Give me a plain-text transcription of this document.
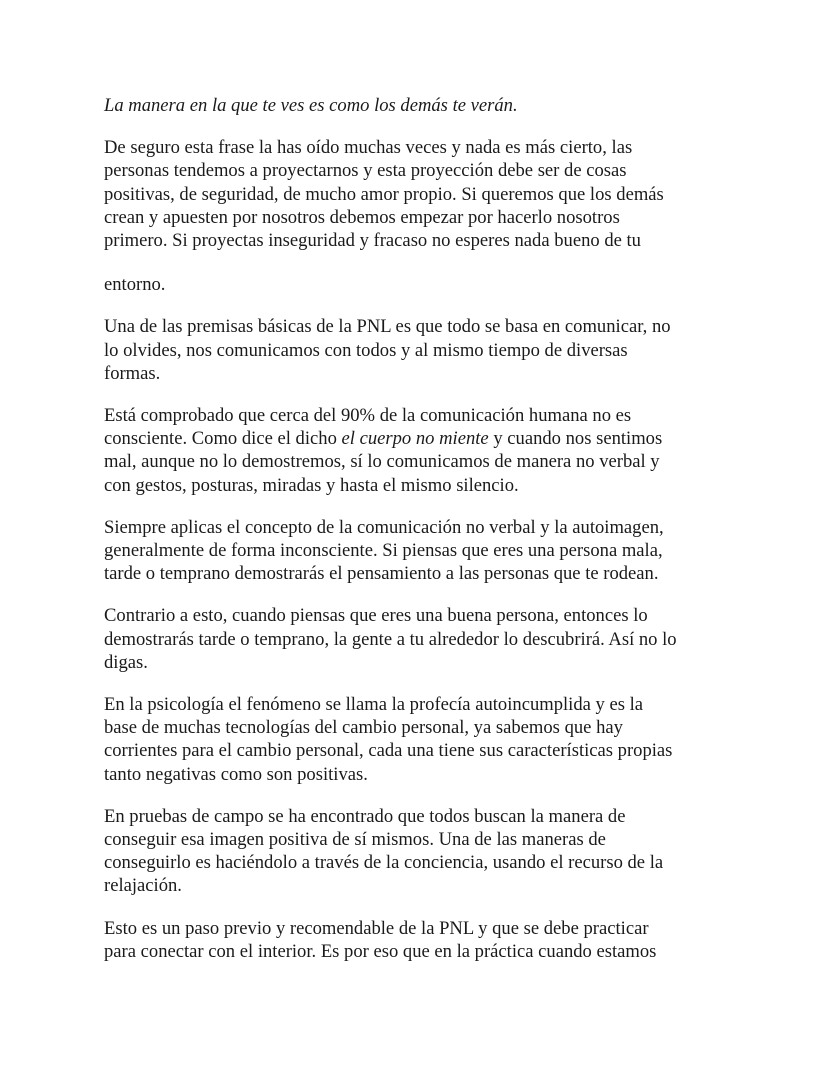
La manera en la que te ves es como los demás te verán.

De seguro esta frase la has oído muchas veces y nada es más cierto, las
personas tendemos a proyectarnos y esta proyección debe ser de cosas
positivas, de seguridad, de mucho amor propio. Si queremos que los demás
crean y apuesten por nosotros debemos empezar por hacerlo nosotros
primero. Si proyectas inseguridad y fracaso no esperes nada bueno de tu

entorno.

Una de las premisas básicas de la PNL es que todo se basa en comunicar, no
lo olvides, nos comunicamos con todos y al mismo tiempo de diversas
formas.

Está comprobado que cerca del 90% de la comunicación humana no es
consciente. Como dice el dicho el cuerpo no miente y cuando nos sentimos
mal, aunque no lo demostremos, sí lo comunicamos de manera no verbal y
con gestos, posturas, miradas y hasta el mismo silencio.

Siempre aplicas el concepto de la comunicación no verbal y la autoimagen,
generalmente de forma inconsciente. Si piensas que eres una persona mala,
tarde o temprano demostrarás el pensamiento a las personas que te rodean.

Contrario a esto, cuando piensas que eres una buena persona, entonces lo
demostrarás tarde o temprano, la gente a tu alrededor lo descubrirá. Así no lo
digas.

En la psicología el fenómeno se llama la profecía autoincumplida y es la
base de muchas tecnologías del cambio personal, ya sabemos que hay
corrientes para el cambio personal, cada una tiene sus características propias
tanto negativas como son positivas.

En pruebas de campo se ha encontrado que todos buscan la manera de
conseguir esa imagen positiva de sí mismos. Una de las maneras de
conseguirlo es haciéndolo a través de la conciencia, usando el recurso de la
relajación.

Esto es un paso previo y recomendable de la PNL y que se debe practicar
para conectar con el interior. Es por eso que en la práctica cuando estamos
